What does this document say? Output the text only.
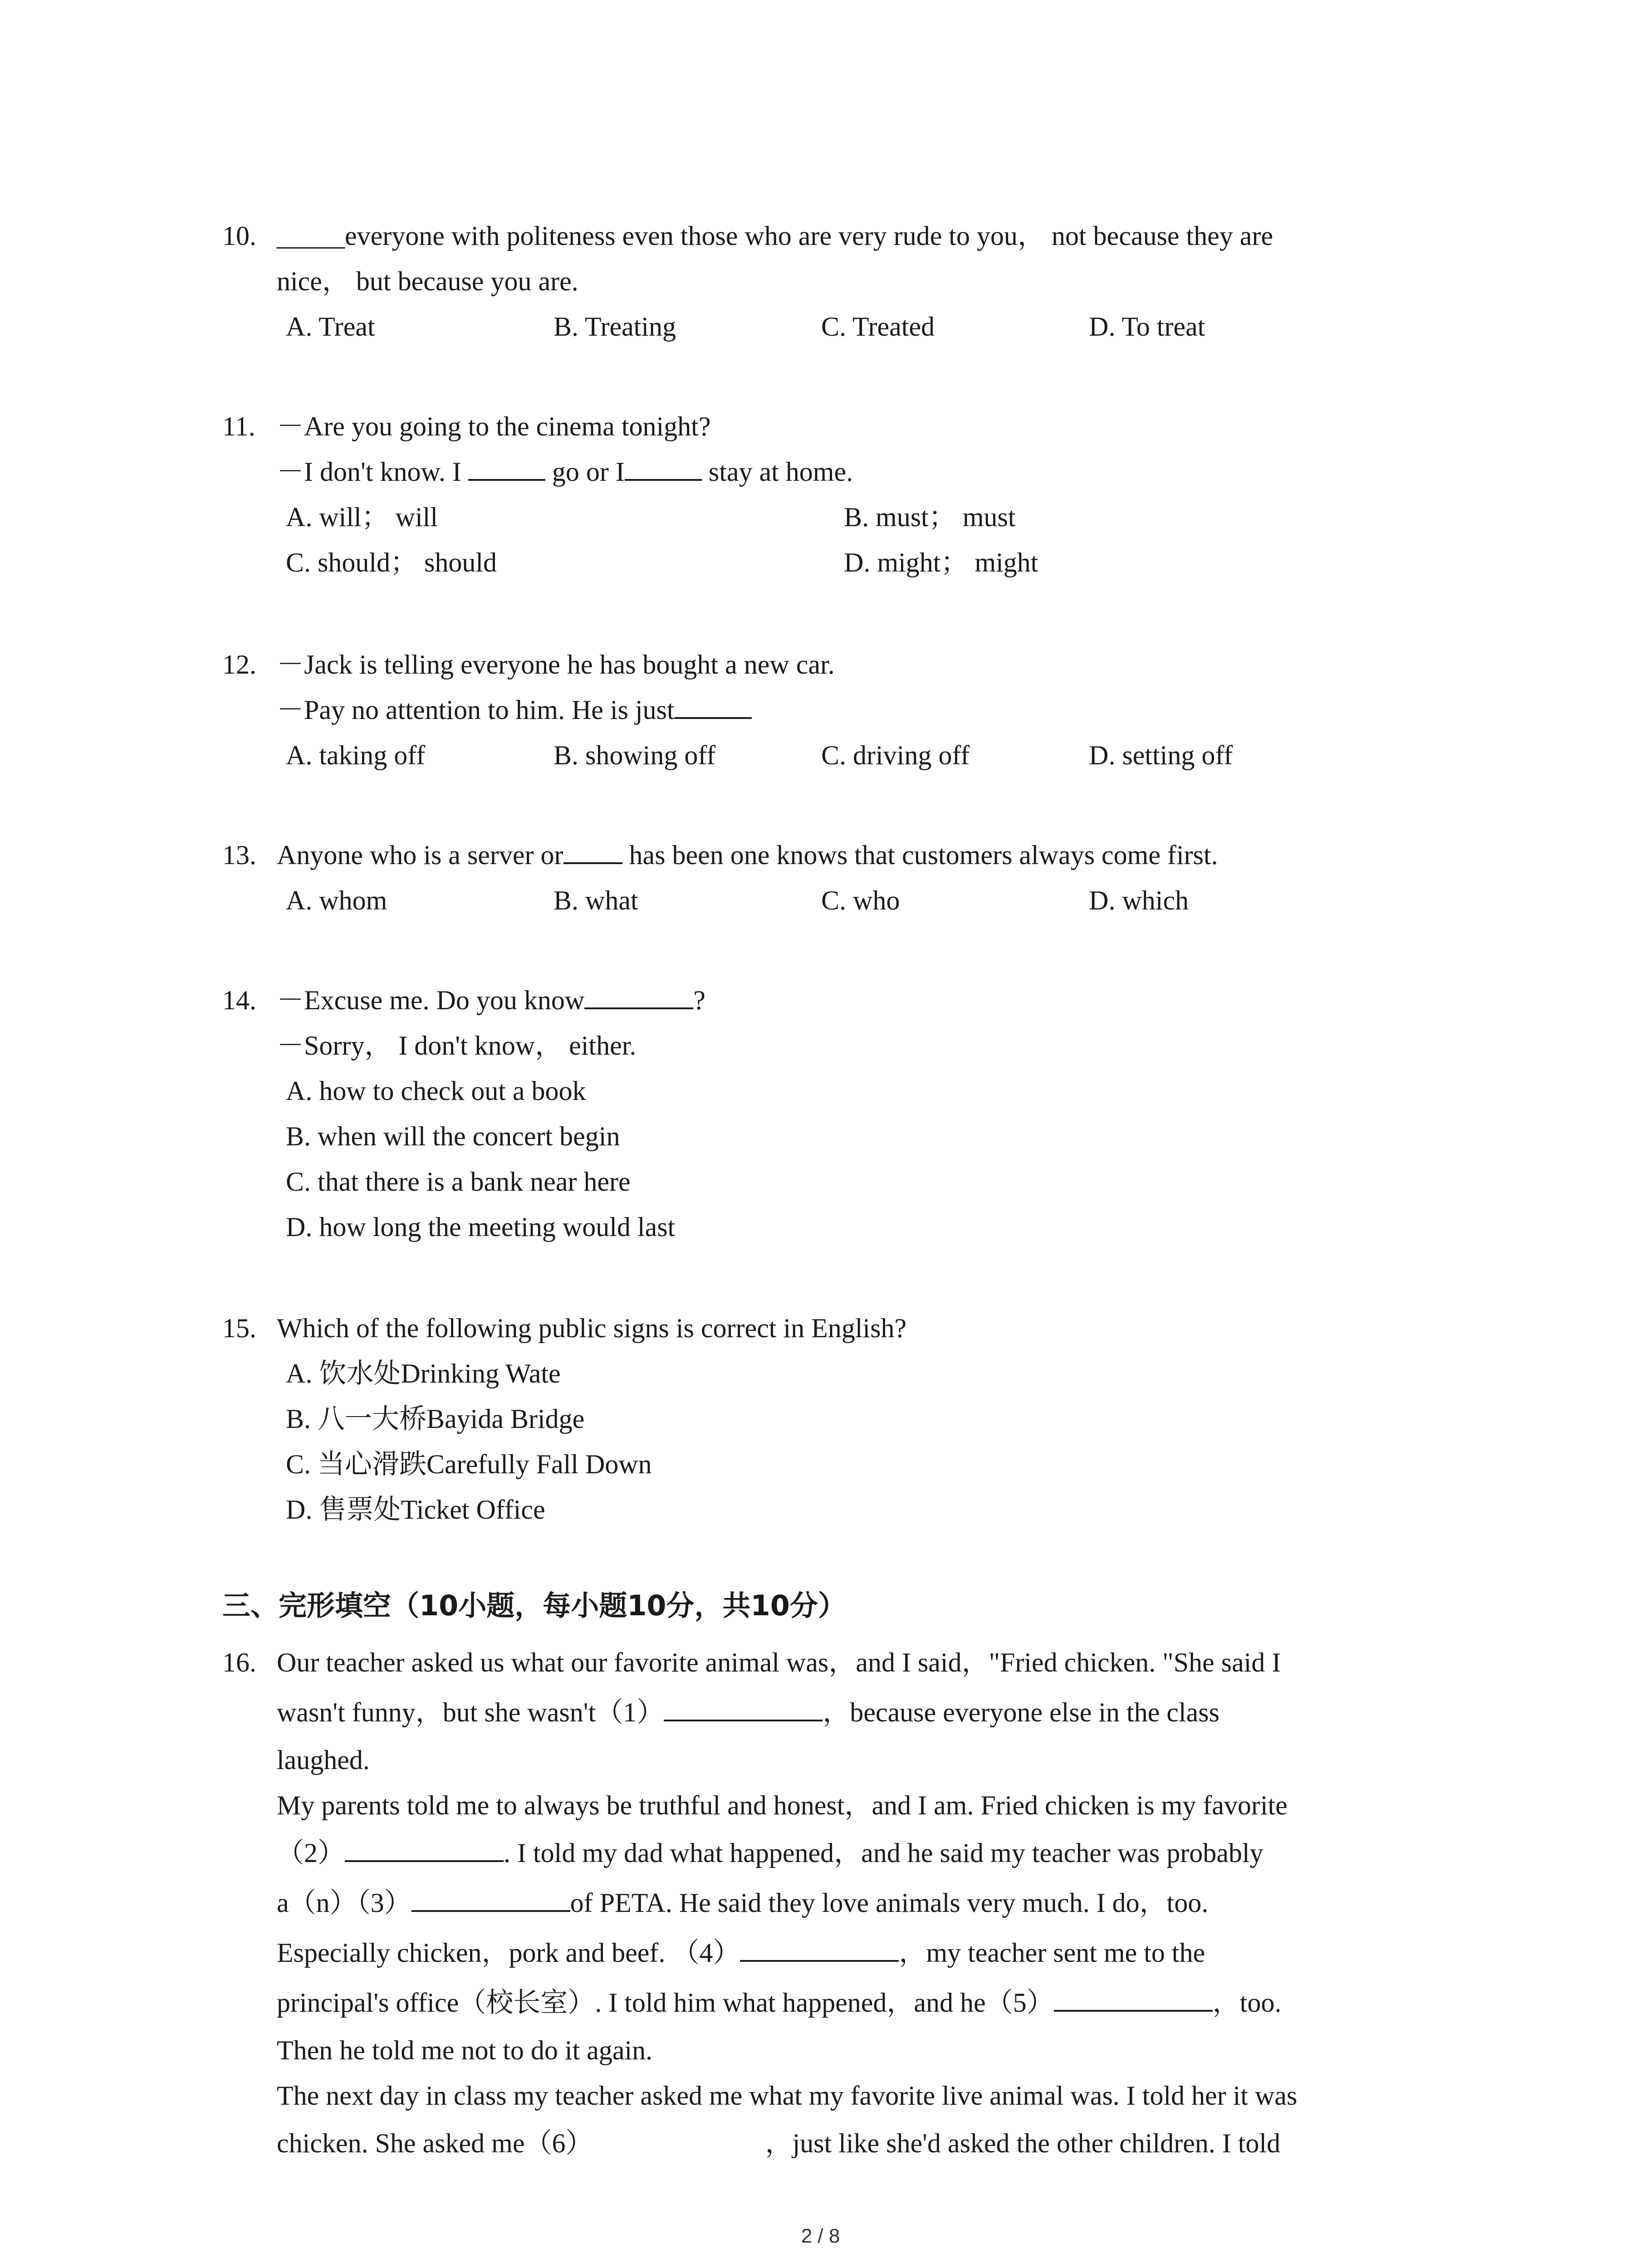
10. _____everyone with politeness even those who are very rude to you， not because they are
nice， but because you are.
A. Treat	B. Treating	C. Treated	D. To treat
11. －Are you going to the cinema tonight?
－I don't know. I	go or I	stay at home.
A. will； will	B. must； must
C. should； should	D. might； might
12. －Jack is telling everyone he has bought a new car.
－Pay no attention to him. He is just
A. taking off	B. showing off	C. driving off	D. setting off
13. Anyone who is a server or has been one knows that customers always come first.
A. whom	B. what	C. who	D. which
14. －Excuse me. Do you know	?
－Sorry， I don't know， either.
A. how to check out a book
B. when will the concert begin
C. that there is a bank near here
D. how long the meeting would last
15. Which of the following public signs is correct in English?
A. 饮水处Drinking Wate
B. 八一大桥Bayida Bridge
C. 当心滑跌Carefully Fall Down
D. 售票处Ticket Office
三、完形填空（10小题，每小题10分，共10分）
16. Our teacher asked us what our favorite animal was，and I said，"Fried chicken. "She said I
wasn't funny，but she wasn't（1）	，because everyone else in the class
laughed.
My parents told me to always be truthful and honest，and I am. Fried chicken is my favorite
（2）	. I told my dad what happened，and he said my teacher was probably
a（n）（3）	of PETA. He said they love animals very much. I do，too.
Especially chicken，pork and beef. （4）	，my teacher sent me to the
principal's office（校长室）. I told him what happened，and he（5）	，too.
Then he told me not to do it again.
The next day in class my teacher asked me what my favorite live animal was. I told her it was
chicken. She asked me（6）	，just like she'd asked the other children. I told
2 / 8
